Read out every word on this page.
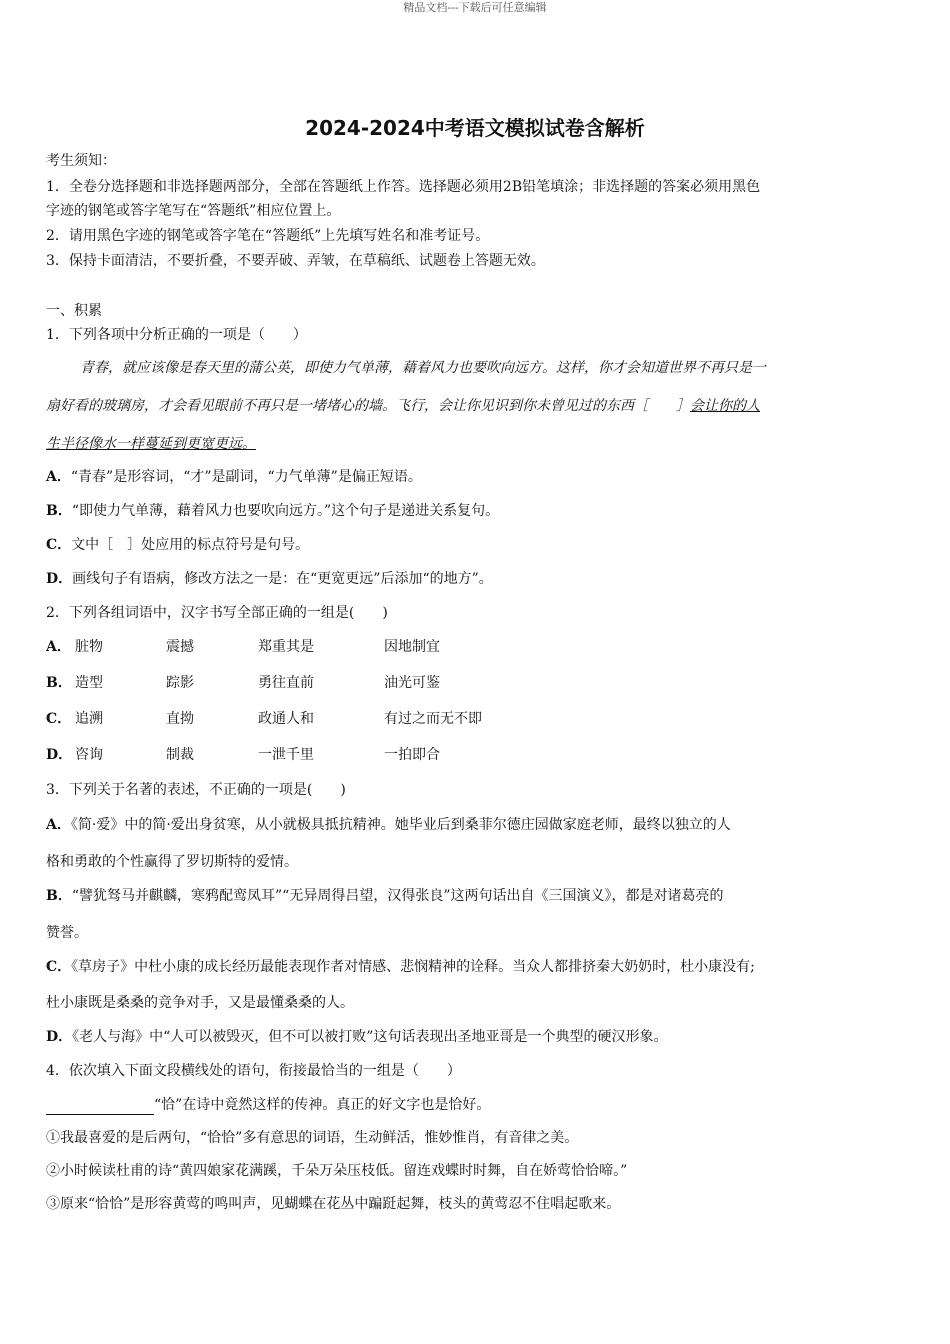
精品文档---下载后可任意编辑
2024-2024中考语文模拟试卷含解析
考生须知：
1．全卷分选择题和非选择题两部分，全部在答题纸上作答。选择题必须用2B铅笔填涂；非选择题的答案必须用黑色
字迹的钢笔或答字笔写在“答题纸”相应位置上。
2．请用黑色字迹的钢笔或答字笔在“答题纸”上先填写姓名和准考证号。
3．保持卡面清洁，不要折叠，不要弄破、弄皱，在草稿纸、试题卷上答题无效。
一、积累
1．下列各项中分析正确的一项是（　　）
青春，就应该像是春天里的蒲公英，即使力气单薄，藉着风力也要吹向远方。这样，你才会知道世界不再只是一
扇好看的玻璃房，才会看见眼前不再只是一堵堵心的墙。飞行，会让你见识到你未曾见过的东西［　　］会让你的人
生半径像水一样蔓延到更宽更远。
A．“青春”是形容词，“才”是副词，“力气单薄”是偏正短语。
B．“即使力气单薄，藉着风力也要吹向远方。”这个句子是递进关系复句。
C．文中［　］处应用的标点符号是句号。
D．画线句子有语病，修改方法之一是：在“更宽更远”后添加“的地方”。
2．下列各组词语中，汉字书写全部正确的一组是(　　)
A． 脏物	震撼	郑重其是	因地制宜
B． 造型	踪影	勇往直前	油光可鉴
C． 追溯	直拗	政通人和	有过之而无不即
D． 咨询	制裁	一泄千里	一拍即合
3．下列关于名著的表述，不正确的一项是(　　)
A．《简·爱》中的简·爱出身贫寒，从小就极具抵抗精神。她毕业后到桑菲尔德庄园做家庭老师，最终以独立的人
格和勇敢的个性赢得了罗切斯特的爱情。
B．“譬犹驽马并麒麟，寒鸦配鸾凤耳”“无异周得吕望，汉得张良”这两句话出自《三国演义》，都是对诸葛亮的
赞誉。
C．《草房子》中杜小康的成长经历最能表现作者对情感、悲悯精神的诠释。当众人都排挤秦大奶奶时，杜小康没有;
杜小康既是桑桑的竞争对手，又是最懂桑桑的人。
D．《老人与海》中“人可以被毁灭，但不可以被打败”这句话表现出圣地亚哥是一个典型的硬汉形象。
4．依次填入下面文段横线处的语句，衔接最恰当的一组是（　　）
“恰”在诗中竟然这样的传神。真正的好文字也是恰好。
①我最喜爱的是后两句，“恰恰”多有意思的词语，生动鲜活，惟妙惟肖，有音律之美。
②小时候读杜甫的诗“黄四娘家花满蹊，千朵万朵压枝低。留连戏蝶时时舞，自在娇莺恰恰啼。”
③原来“恰恰”是形容黄莺的鸣叫声，见蝴蝶在花丛中蹁跹起舞，枝头的黄莺忍不住唱起歌来。
